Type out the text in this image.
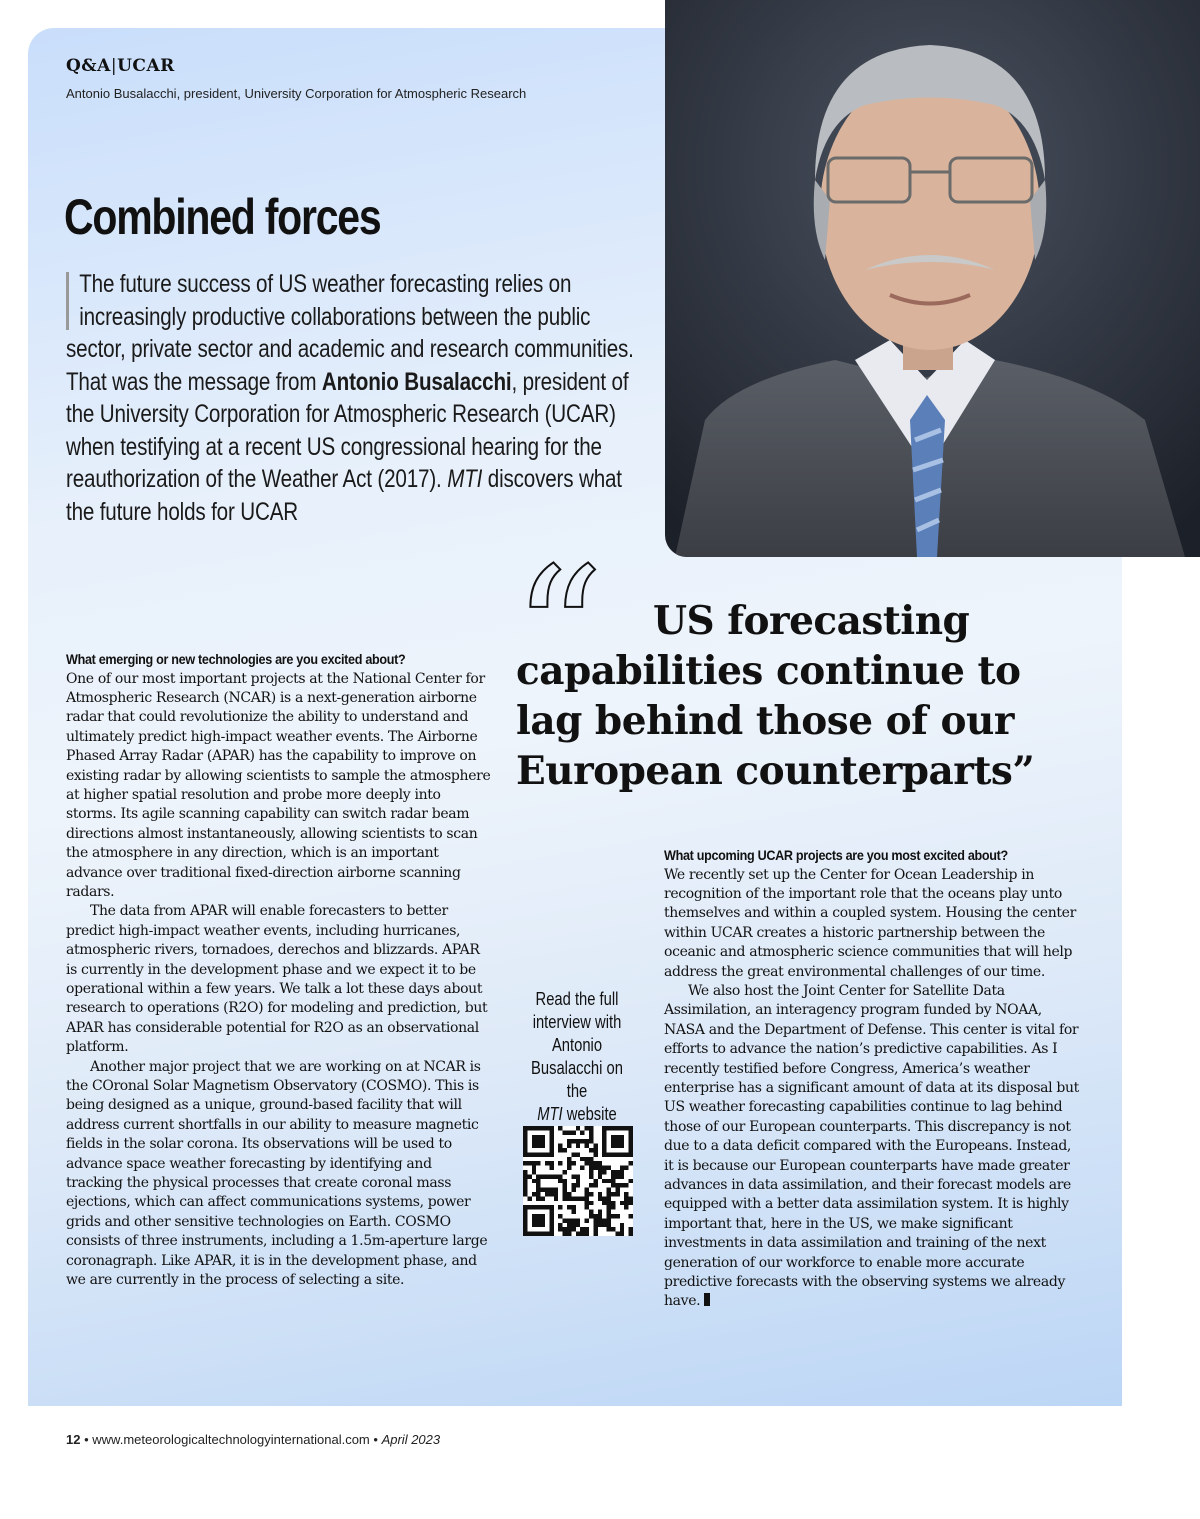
Q&A|UCAR
Antonio Busalacchi, president, University Corporation for Atmospheric Research
Combined forces
The future success of US weather forecasting relies on
increasingly productive collaborations between the public
sector, private sector and academic and research communities.
That was the message from Antonio Busalacchi, president of
the University Corporation for Atmospheric Research (UCAR)
when testifying at a recent US congressional hearing for the
reauthorization of the Weather Act (2017). MTI discovers what
the future holds for UCAR
“	US forecasting
capabilities continue to
lag behind those of our
European counterparts”
What emerging or new technologies are you excited about?

One of our most important projects at the National Center for Atmospheric Research (NCAR) is a next-generation airborne radar that could revolutionize the ability to understand and ultimately predict high-impact weather events. The Airborne Phased Array Radar (APAR) has the capability to improve on existing radar by allowing scientists to sample the atmosphere at higher spatial resolution and probe more deeply into storms. Its agile scanning capability can switch radar beam directions almost instantaneously, allowing scientists to scan the atmosphere in any direction, which is an important advance over traditional fixed-direction airborne scanning radars.

The data from APAR will enable forecasters to better predict high-impact weather events, including hurricanes, atmospheric rivers, tornadoes, derechos and blizzards. APAR is currently in the development phase and we expect it to be operational within a few years. We talk a lot these days about research to operations (R2O) for modeling and prediction, but APAR has considerable potential for R2O as an observational platform.

Another major project that we are working on at NCAR is the COronal Solar Magnetism Observatory (COSMO). This is being designed as a unique, ground-based facility that will address current shortfalls in our ability to measure magnetic fields in the solar corona. Its observations will be used to advance space weather forecasting by identifying and tracking the physical processes that create coronal mass ejections, which can affect communications systems, power grids and other sensitive technologies on Earth. COSMO consists of three instruments, including a 1.5m-aperture large coronagraph. Like APAR, it is in the development phase, and we are currently in the process of selecting a site.

Read the full
interview with
Antonio
Busalacchi on the
MTI website
What upcoming UCAR projects are you most excited about?

We recently set up the Center for Ocean Leadership in recognition of the important role that the oceans play unto themselves and within a coupled system. Housing the center within UCAR creates a historic partnership between the oceanic and atmospheric science communities that will help address the great environmental challenges of our time.

We also host the Joint Center for Satellite Data Assimilation, an interagency program funded by NOAA, NASA and the Department of Defense. This center is vital for efforts to advance the nation’s predictive capabilities. As I recently testified before Congress, America’s weather enterprise has a significant amount of data at its disposal but US weather forecasting capabilities continue to lag behind those of our European counterparts. This discrepancy is not due to a data deficit compared with the Europeans. Instead, it is because our European counterparts have made greater advances in data assimilation, and their forecast models are equipped with a better data assimilation system. It is highly important that, here in the US, we make significant investments in data assimilation and training of the next generation of our workforce to enable more accurate predictive forecasts with the observing systems we already have.

12 • www.meteorologicaltechnologyinternational.com • April 2023
